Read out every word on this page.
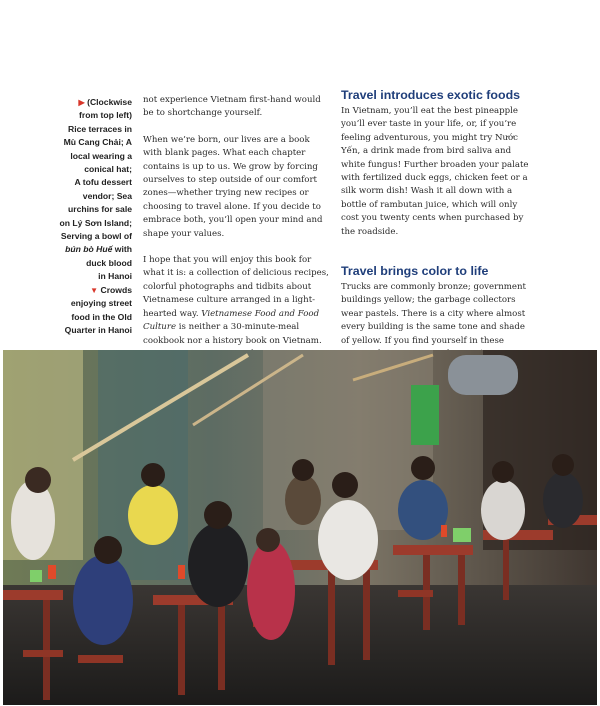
▶ (Clockwise
from top left)
Rice terraces in
Mù Cang Chải; A
local wearing a
conical hat;
A tofu dessert
vendor; Sea
urchins for sale
on Lý Sơn Island;
Serving a bowl of
bún bò Huế with
duck blood
in Hanoi
▼ Crowds
enjoying street
food in the Old
Quarter in Hanoi

not experience Vietnam first-hand would be to shortchange yourself.

When we’re born, our lives are a book with blank pages. What each chapter contains is up to us. We grow by forcing ourselves to step outside of our comfort zones—whether trying new recipes or choosing to travel alone. If you decide to embrace both, you’ll open your mind and shape your values.

I hope that you will enjoy this book for what it is: a collection of delicious recipes, colorful photographs and tidbits about Vietnamese culture arranged in a light-hearted way. Vietnamese Food and Food Culture is neither a 30-minute-meal cookbook nor a history book on Vietnam.

Travel introduces exotic foods

In Vietnam, you’ll eat the best pineapple you’ll ever taste in your life, or, if you’re feeling adventurous, you might try Nước Yến, a drink made from bird saliva and white fungus! Further broaden your palate with fertilized duck eggs, chicken feet or a silk worm dish! Wash it all down with a bottle of rambutan juice, which will only cost you twenty cents when purchased by the roadside.

Travel brings color to life

Trucks are commonly bronze; government buildings yellow; the garbage collectors wear pastels. There is a city where almost every building is the same tone and shade of yellow. If you find yourself in these
